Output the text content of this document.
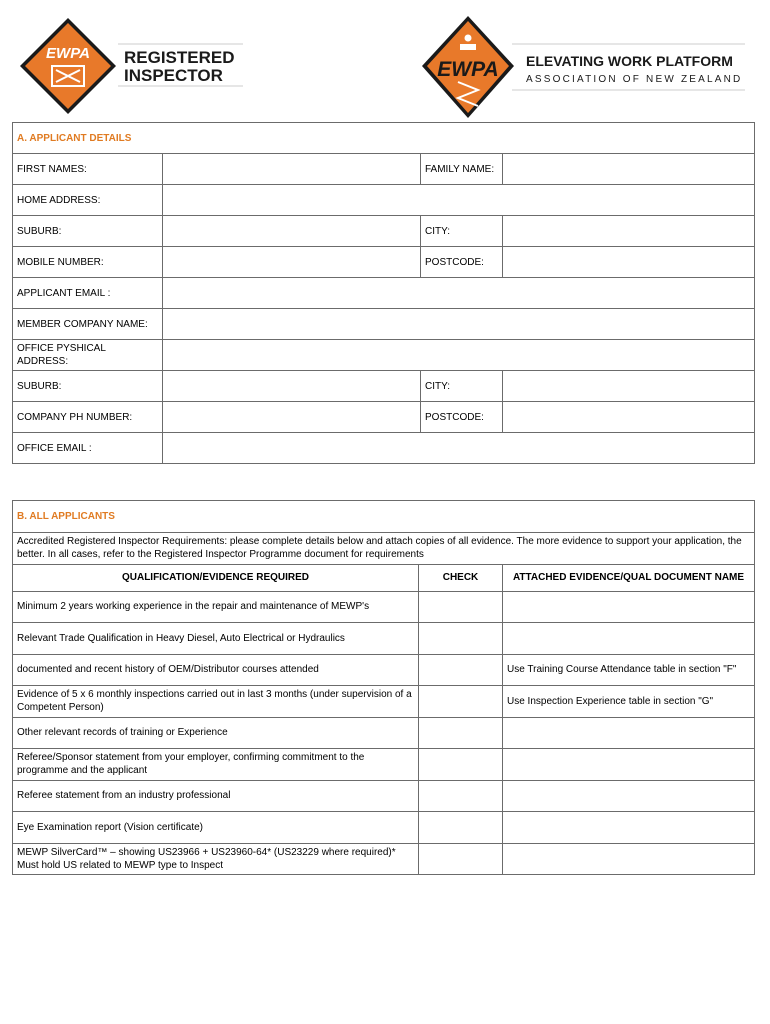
EWPA REGISTERED
INSPECTOR	EWPA ELEVATING WORK PLATFORM
ASSOCIATION OF NEW ZEALAND
A. APPLICANT DETAILS			
FIRST NAMES:		FAMILY NAME:	
HOME ADDRESS:			
SUBURB:		CITY:	
MOBILE NUMBER:		POSTCODE:	
APPLICANT EMAIL :			
MEMBER COMPANY NAME:			
OFFICE PYSHICAL ADDRESS:			
SUBURB:		CITY:	
COMPANY PH NUMBER:		POSTCODE:	
OFFICE EMAIL :			
B. ALL APPLICANTS		
Accredited Registered Inspector Requirements: please complete details below and attach copies of all evidence. The more evidence to support your application, the better. In all cases, refer to the Registered Inspector Programme document for requirements		
QUALIFICATION/EVIDENCE REQUIRED	CHECK	ATTACHED EVIDENCE/QUAL DOCUMENT NAME
Minimum 2 years working experience in the repair and maintenance of MEWP's		
Relevant Trade Qualification in Heavy Diesel, Auto Electrical or Hydraulics		
documented and recent history of OEM/Distributor courses attended		Use Training Course Attendance table in section "F"
Evidence of 5 x 6 monthly inspections carried out in last 3 months (under supervision of a Competent Person)		Use Inspection Experience table in section "G"
Other relevant records of training or Experience		
Referee/Sponsor statement from your employer, confirming commitment to the programme and the applicant		
Referee statement from an industry professional		
Eye Examination report (Vision certificate)		
MEWP SilverCard™ – showing US23966 + US23960-64* (US23229 where required)* Must hold US related to MEWP type to Inspect		
